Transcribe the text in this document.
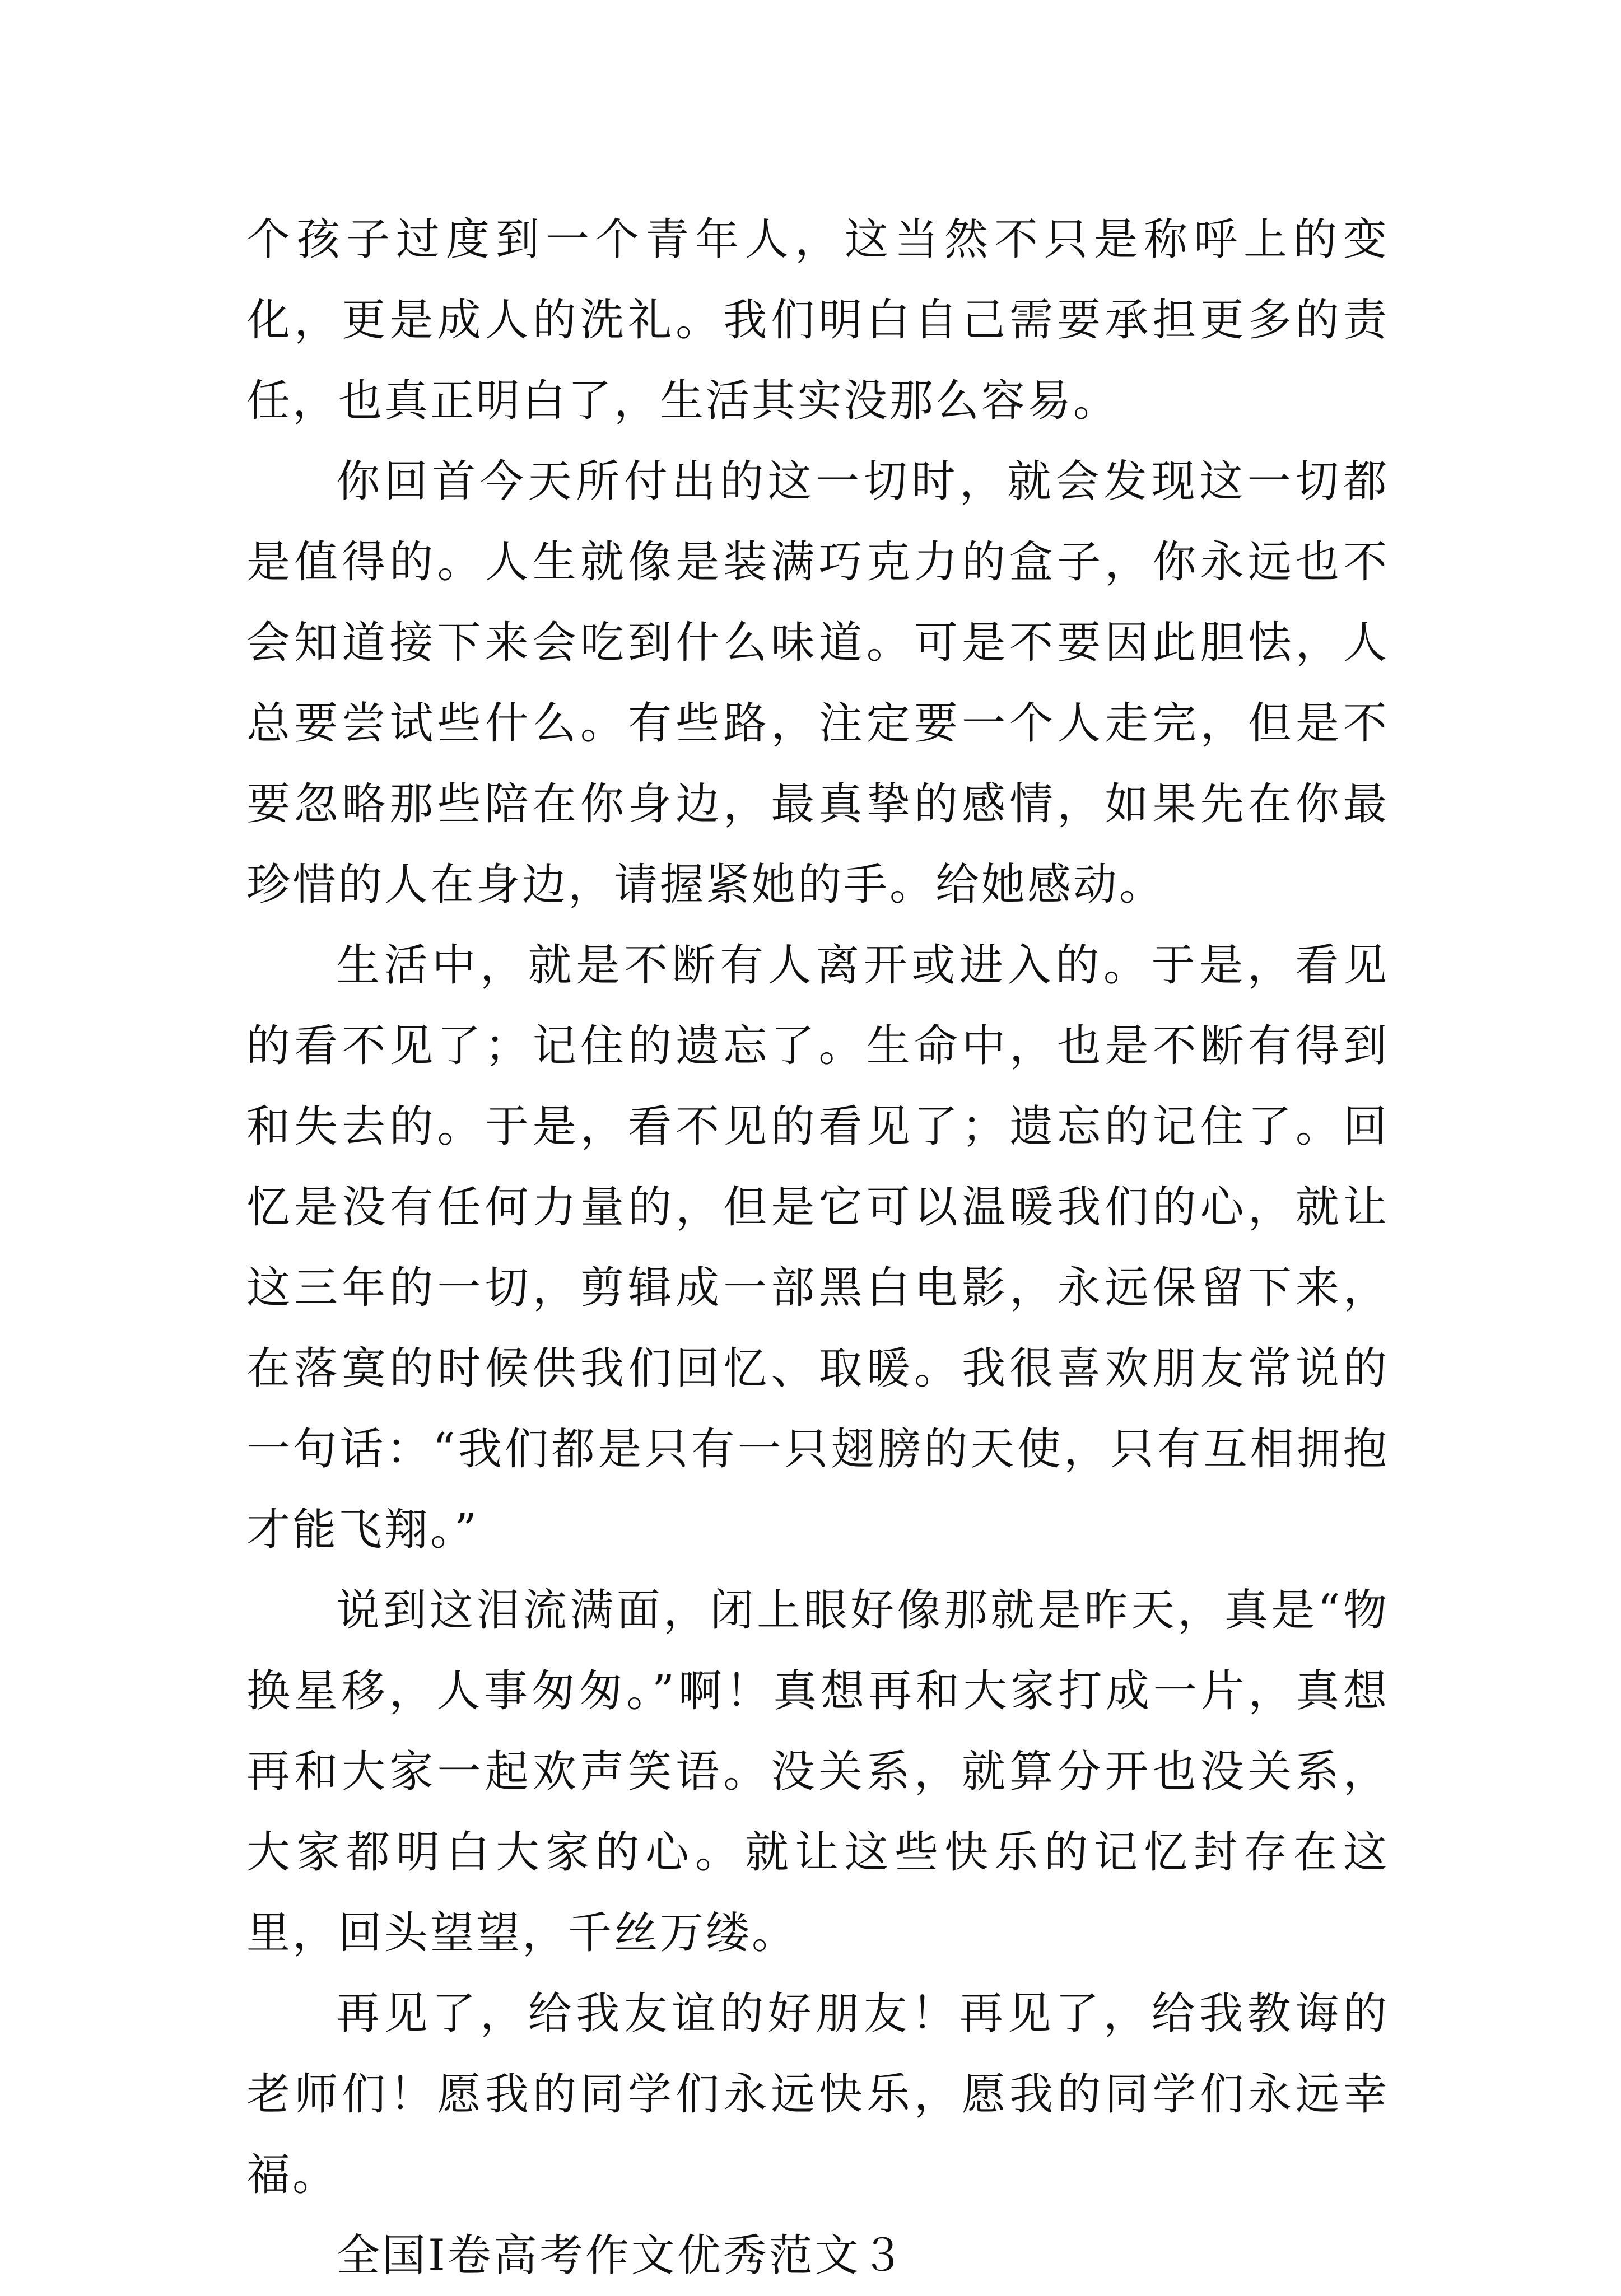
个孩子过度到一个青年人，这当然不只是称呼上的变化，更是成人的洗礼。我们明白自己需要承担更多的责任，也真正明白了，生活其实没那么容易。

你回首今天所付出的这一切时，就会发现这一切都是值得的。人生就像是装满巧克力的盒子，你永远也不会知道接下来会吃到什么味道。可是不要因此胆怯，人总要尝试些什么。有些路，注定要一个人走完，但是不要忽略那些陪在你身边，最真挚的感情，如果先在你最珍惜的人在身边，请握紧她的手。给她感动。

生活中，就是不断有人离开或进入的。于是，看见的看不见了；记住的遗忘了。生命中，也是不断有得到和失去的。于是，看不见的看见了；遗忘的记住了。回忆是没有任何力量的，但是它可以温暖我们的心，就让这三年的一切，剪辑成一部黑白电影，永远保留下来，在落寞的时候供我们回忆、取暖。我很喜欢朋友常说的一句话：“我们都是只有一只翅膀的天使，只有互相拥抱才能飞翔。”

说到这泪流满面，闭上眼好像那就是昨天，真是“物换星移，人事匆匆。”啊！真想再和大家打成一片，真想再和大家一起欢声笑语。没关系，就算分开也没关系，大家都明白大家的心。就让这些快乐的记忆封存在这里，回头望望，千丝万缕。

再见了，给我友谊的好朋友！再见了，给我教诲的老师们！愿我的同学们永远快乐，愿我的同学们永远幸福。

全国Ⅰ卷高考作文优秀范文３
